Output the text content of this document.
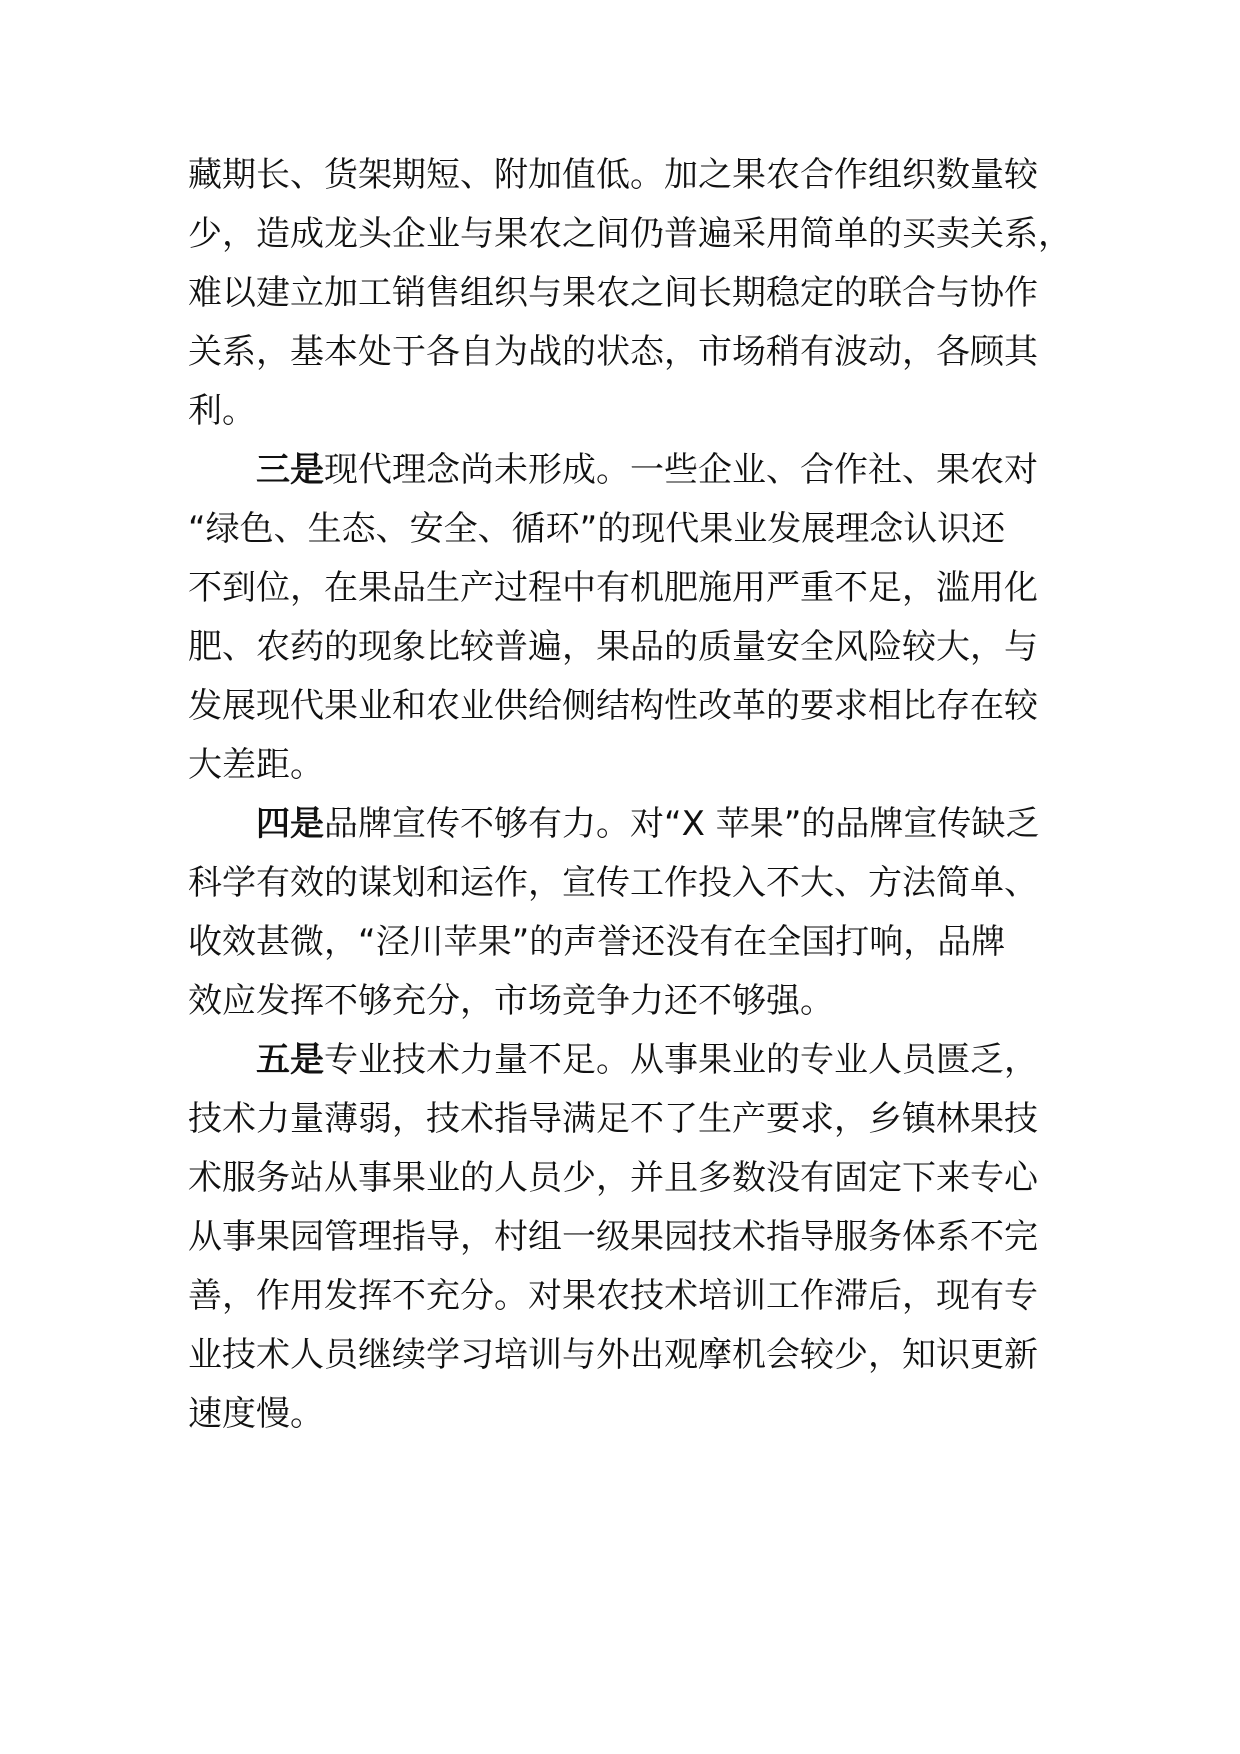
藏期长、货架期短、附加值低。加之果农合作组织数量较
少，造成龙头企业与果农之间仍普遍采用简单的买卖关系，
难以建立加工销售组织与果农之间长期稳定的联合与协作
关系，基本处于各自为战的状态，市场稍有波动，各顾其
利。
三是现代理念尚未形成。一些企业、合作社、果农对
“绿色、生态、安全、循环”的现代果业发展理念认识还
不到位，在果品生产过程中有机肥施用严重不足，滥用化
肥、农药的现象比较普遍，果品的质量安全风险较大，与
发展现代果业和农业供给侧结构性改革的要求相比存在较
大差距。
四是品牌宣传不够有力。对“X 苹果”的品牌宣传缺乏
科学有效的谋划和运作，宣传工作投入不大、方法简单、
收效甚微，“泾川苹果”的声誉还没有在全国打响，品牌
效应发挥不够充分，市场竞争力还不够强。
五是专业技术力量不足。从事果业的专业人员匮乏，
技术力量薄弱，技术指导满足不了生产要求，乡镇林果技
术服务站从事果业的人员少，并且多数没有固定下来专心
从事果园管理指导，村组一级果园技术指导服务体系不完
善，作用发挥不充分。对果农技术培训工作滞后，现有专
业技术人员继续学习培训与外出观摩机会较少，知识更新
速度慢。
